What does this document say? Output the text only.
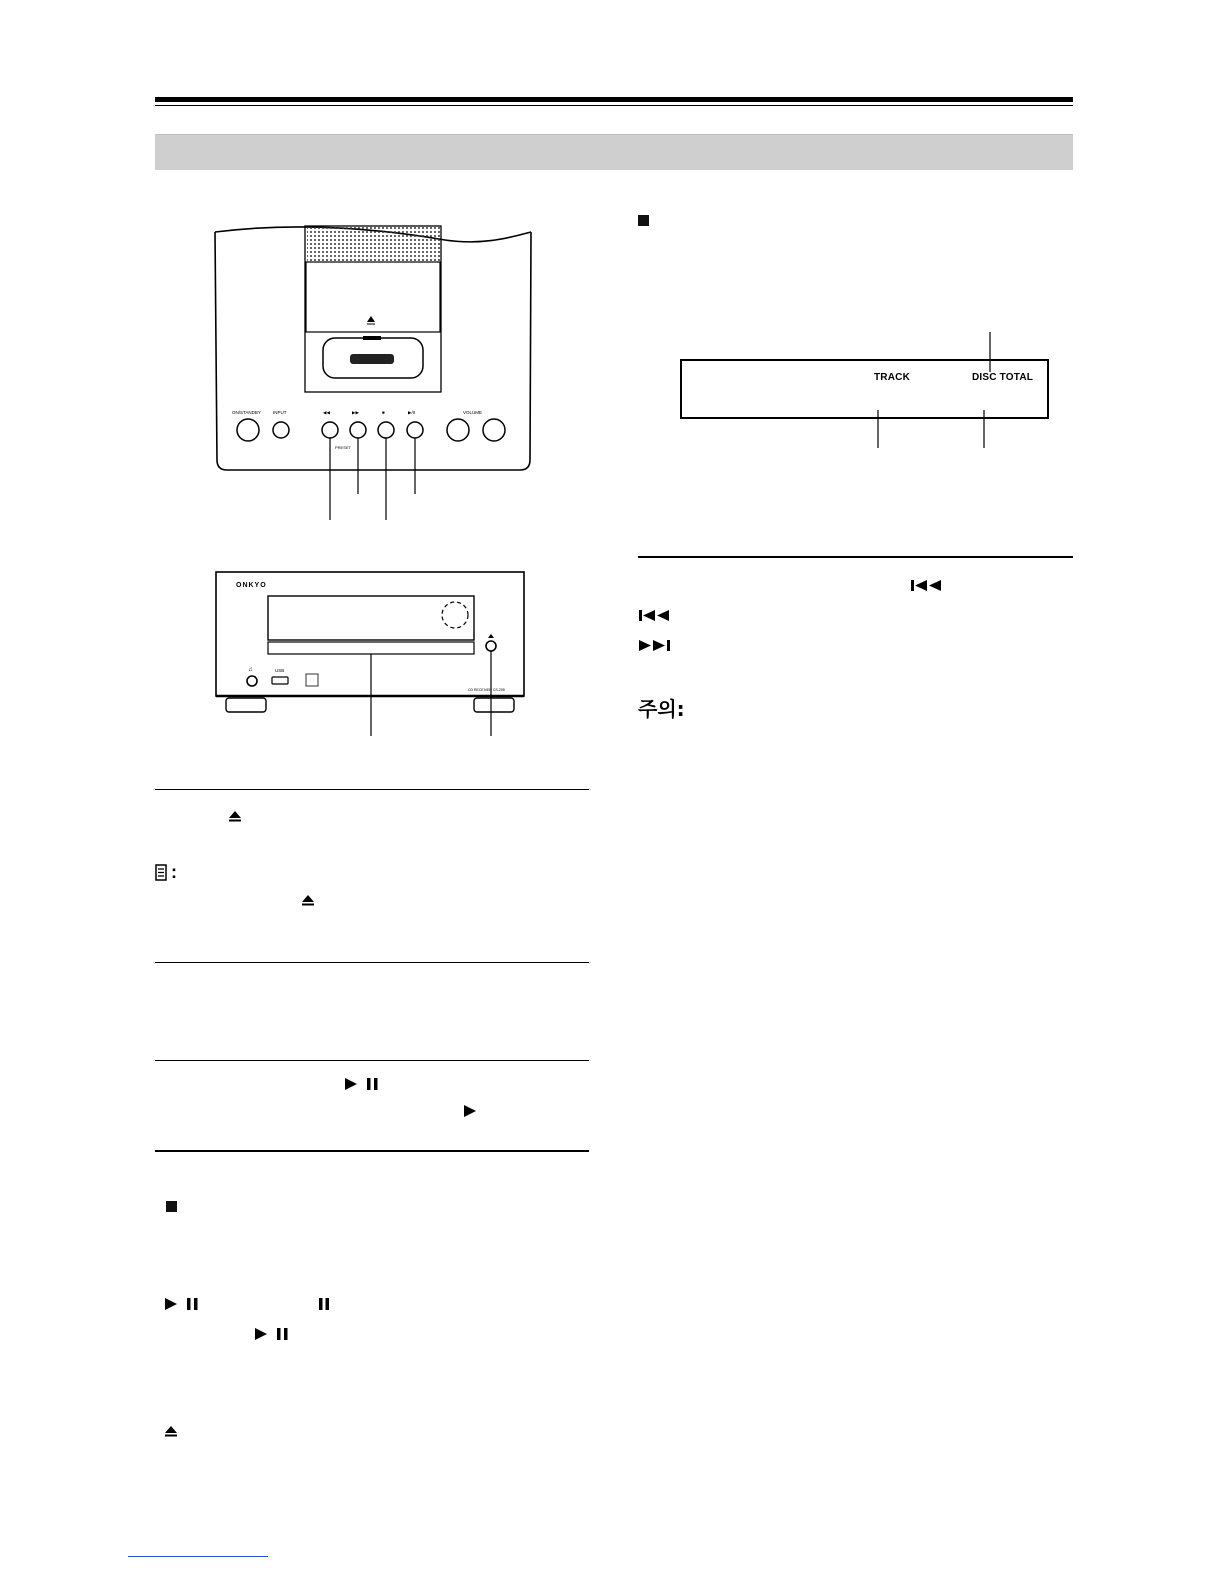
ON/STANDBY	INPUT	VOLUME
◀◀	▶▶	■	▶/II
PRESET
ONKYO
♫	USB
CD RECEIVER CS-255
:
TRACK	DISC TOTAL
주의:
